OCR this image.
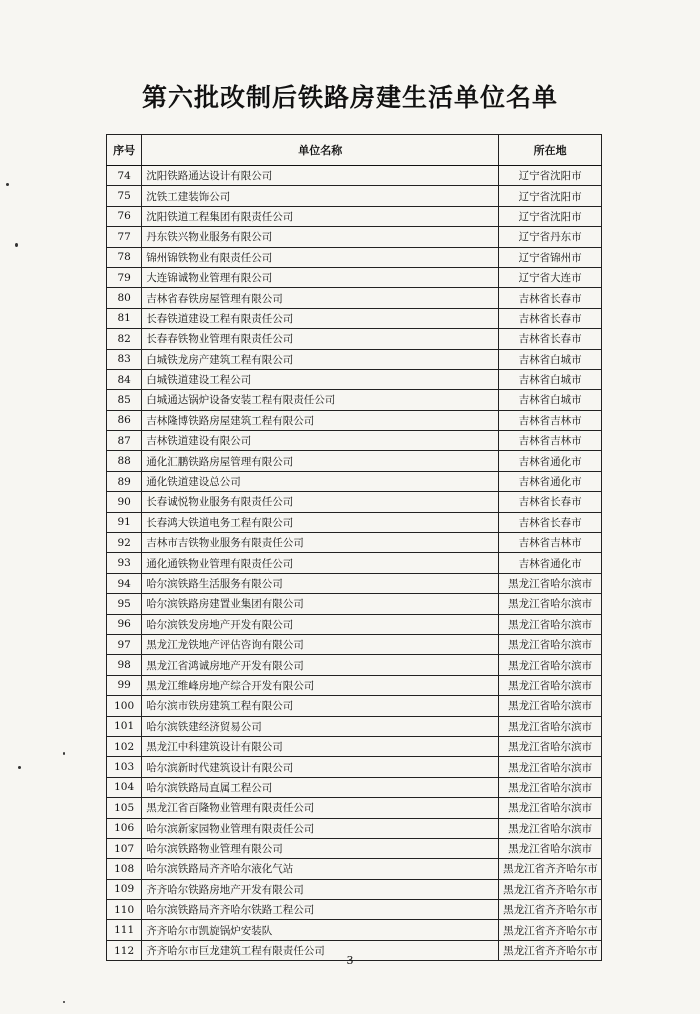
第六批改制后铁路房建生活单位名单
序号	单位名称	所在地
74	沈阳铁路通达设计有限公司	辽宁省沈阳市
75	沈铁工建装饰公司	辽宁省沈阳市
76	沈阳铁道工程集团有限责任公司	辽宁省沈阳市
77	丹东铁兴物业服务有限公司	辽宁省丹东市
78	锦州锦铁物业有限责任公司	辽宁省锦州市
79	大连锦诚物业管理有限公司	辽宁省大连市
80	吉林省春铁房屋管理有限公司	吉林省长春市
81	长春铁道建设工程有限责任公司	吉林省长春市
82	长春春铁物业管理有限责任公司	吉林省长春市
83	白城铁龙房产建筑工程有限公司	吉林省白城市
84	白城铁道建设工程公司	吉林省白城市
85	白城通达锅炉设备安装工程有限责任公司	吉林省白城市
86	吉林隆博铁路房屋建筑工程有限公司	吉林省吉林市
87	吉林铁道建设有限公司	吉林省吉林市
88	通化汇鹏铁路房屋管理有限公司	吉林省通化市
89	通化铁道建设总公司	吉林省通化市
90	长春诚悦物业服务有限责任公司	吉林省长春市
91	长春鸿大铁道电务工程有限公司	吉林省长春市
92	吉林市吉铁物业服务有限责任公司	吉林省吉林市
93	通化通铁物业管理有限责任公司	吉林省通化市
94	哈尔滨铁路生活服务有限公司	黑龙江省哈尔滨市
95	哈尔滨铁路房建置业集团有限公司	黑龙江省哈尔滨市
96	哈尔滨铁发房地产开发有限公司	黑龙江省哈尔滨市
97	黑龙江龙铁地产评估咨询有限公司	黑龙江省哈尔滨市
98	黑龙江省鸿诚房地产开发有限公司	黑龙江省哈尔滨市
99	黑龙江维峰房地产综合开发有限公司	黑龙江省哈尔滨市
100	哈尔滨市铁房建筑工程有限公司	黑龙江省哈尔滨市
101	哈尔滨铁建经济贸易公司	黑龙江省哈尔滨市
102	黑龙江中科建筑设计有限公司	黑龙江省哈尔滨市
103	哈尔滨新时代建筑设计有限公司	黑龙江省哈尔滨市
104	哈尔滨铁路局直属工程公司	黑龙江省哈尔滨市
105	黑龙江省百隆物业管理有限责任公司	黑龙江省哈尔滨市
106	哈尔滨新家园物业管理有限责任公司	黑龙江省哈尔滨市
107	哈尔滨铁路物业管理有限公司	黑龙江省哈尔滨市
108	哈尔滨铁路局齐齐哈尔液化气站	黑龙江省齐齐哈尔市
109	齐齐哈尔铁路房地产开发有限公司	黑龙江省齐齐哈尔市
110	哈尔滨铁路局齐齐哈尔铁路工程公司	黑龙江省齐齐哈尔市
111	齐齐哈尔市凯旋锅炉安装队	黑龙江省齐齐哈尔市
112	齐齐哈尔市巨龙建筑工程有限责任公司	黑龙江省齐齐哈尔市
3
